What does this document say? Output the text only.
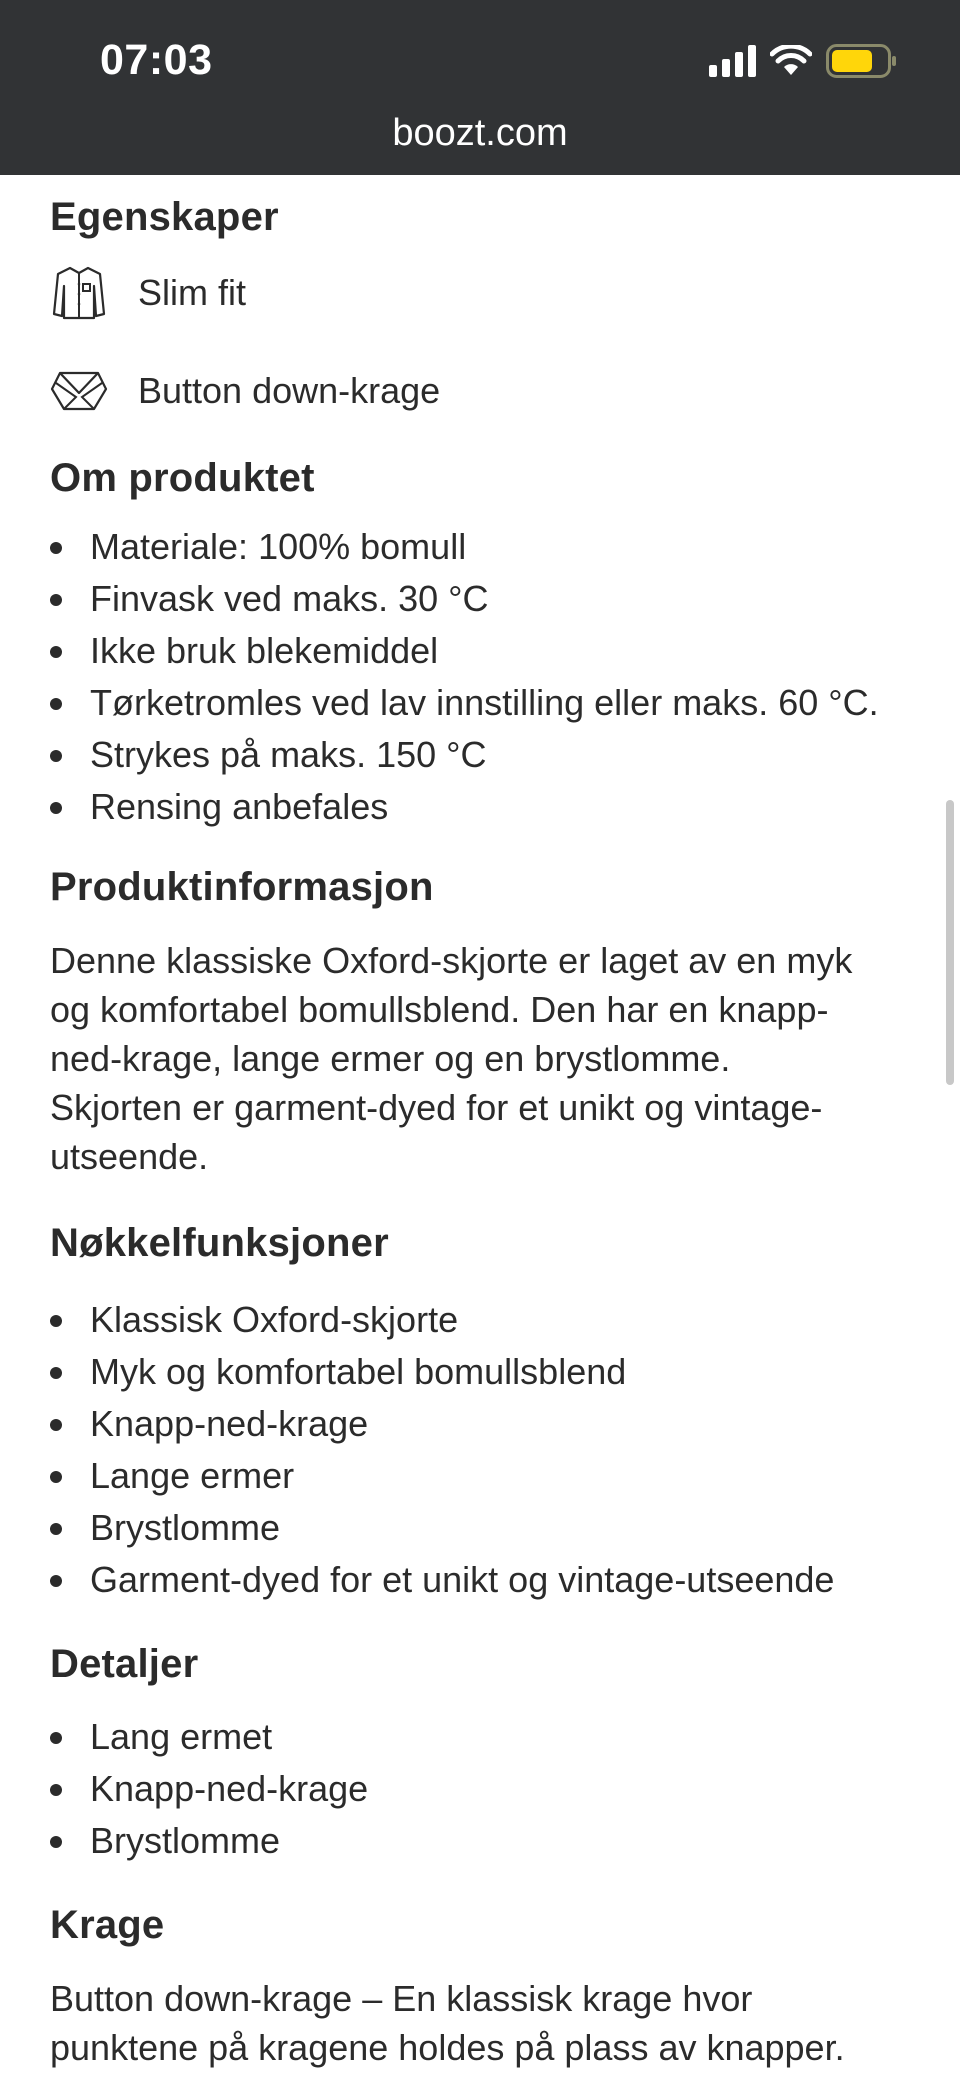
07:03
boozt.com
Egenskaper
Slim fit
Button down-krage
Om produktet
Materiale: 100% bomull
Finvask ved maks. 30 °C
Ikke bruk blekemiddel
Tørketromles ved lav innstilling eller maks. 60 °C.
Strykes på maks. 150 °C
Rensing anbefales
Produktinformasjon

Denne klassiske Oxford-skjorte er laget av en myk
og komfortabel bomullsblend. Den har en knapp-
ned-krage, lange ermer og en brystlomme.
Skjorten er garment-dyed for et unikt og vintage-
utseende.

Nøkkelfunksjoner
Klassisk Oxford-skjorte
Myk og komfortabel bomullsblend
Knapp-ned-krage
Lange ermer
Brystlomme
Garment-dyed for et unikt og vintage-utseende
Detaljer
Lang ermet
Knapp-ned-krage
Brystlomme
Krage

Button down-krage – En klassisk krage hvor
punktene på kragene holdes på plass av knapper.
